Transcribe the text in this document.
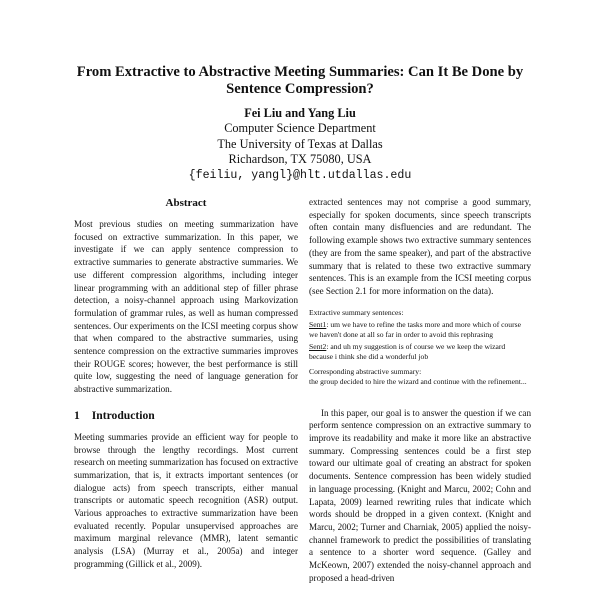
From Extractive to Abstractive Meeting Summaries: Can It Be Done by Sentence Compression?
Fei Liu and Yang Liu
Computer Science Department
The University of Texas at Dallas
Richardson, TX 75080, USA
{feiliu, yangl}@hlt.utdallas.edu
Abstract

Most previous studies on meeting summarization have focused on extractive summarization. In this paper, we investigate if we can apply sentence compression to extractive summaries to generate abstractive summaries. We use different compression algorithms, including integer linear programming with an additional step of filler phrase detection, a noisy-channel approach using Markovization formulation of grammar rules, as well as human compressed sentences. Our experiments on the ICSI meeting corpus show that when compared to the abstractive summaries, using sentence compression on the extractive summaries improves their ROUGE scores; however, the best performance is still quite low, suggesting the need of language generation for abstractive summarization.

1 Introduction

Meeting summaries provide an efficient way for people to browse through the lengthy recordings. Most current research on meeting summarization has focused on extractive summarization, that is, it extracts important sentences (or dialogue acts) from speech transcripts, either manual transcripts or automatic speech recognition (ASR) output. Various approaches to extractive summarization have been evaluated recently. Popular unsupervised approaches are maximum marginal relevance (MMR), latent semantic analysis (LSA) (Murray et al., 2005a) and integer programming (Gillick et al., 2009).

extracted sentences may not comprise a good summary, especially for spoken documents, since speech transcripts often contain many disfluencies and are redundant. The following example shows two extractive summary sentences (they are from the same speaker), and part of the abstractive summary that is related to these two extractive summary sentences. This is an example from the ICSI meeting corpus (see Section 2.1 for more information on the data).

Extractive summary sentences:
Sent1: um we have to refine the tasks more and more which of course we haven't done at all so far in order to avoid this rephrasing
Sent2: and uh my suggestion is of course we we keep the wizard because i think she did a wonderful job
Corresponding abstractive summary:
the group decided to hire the wizard and continue with the refinement...

In this paper, our goal is to answer the question if we can perform sentence compression on an extractive summary to improve its readability and make it more like an abstractive summary. Compressing sentences could be a first step toward our ultimate goal of creating an abstract for spoken documents. Sentence compression has been widely studied in language processing. (Knight and Marcu, 2002; Cohn and Lapata, 2009) learned rewriting rules that indicate which words should be dropped in a given context. (Knight and Marcu, 2002; Turner and Charniak, 2005) applied the noisy-channel framework to predict the possibilities of translating a sentence to a shorter word sequence. (Galley and McKeown, 2007) extended the noisy-channel approach and proposed a head-driven
